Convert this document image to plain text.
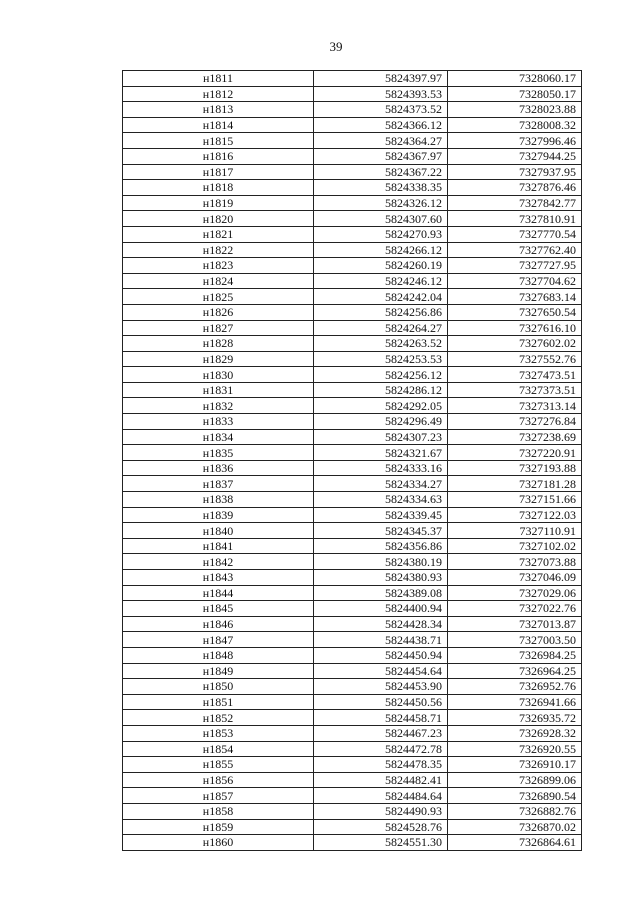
39
н1811	5824397.97	7328060.17
н1812	5824393.53	7328050.17
н1813	5824373.52	7328023.88
н1814	5824366.12	7328008.32
н1815	5824364.27	7327996.46
н1816	5824367.97	7327944.25
н1817	5824367.22	7327937.95
н1818	5824338.35	7327876.46
н1819	5824326.12	7327842.77
н1820	5824307.60	7327810.91
н1821	5824270.93	7327770.54
н1822	5824266.12	7327762.40
н1823	5824260.19	7327727.95
н1824	5824246.12	7327704.62
н1825	5824242.04	7327683.14
н1826	5824256.86	7327650.54
н1827	5824264.27	7327616.10
н1828	5824263.52	7327602.02
н1829	5824253.53	7327552.76
н1830	5824256.12	7327473.51
н1831	5824286.12	7327373.51
н1832	5824292.05	7327313.14
н1833	5824296.49	7327276.84
н1834	5824307.23	7327238.69
н1835	5824321.67	7327220.91
н1836	5824333.16	7327193.88
н1837	5824334.27	7327181.28
н1838	5824334.63	7327151.66
н1839	5824339.45	7327122.03
н1840	5824345.37	7327110.91
н1841	5824356.86	7327102.02
н1842	5824380.19	7327073.88
н1843	5824380.93	7327046.09
н1844	5824389.08	7327029.06
н1845	5824400.94	7327022.76
н1846	5824428.34	7327013.87
н1847	5824438.71	7327003.50
н1848	5824450.94	7326984.25
н1849	5824454.64	7326964.25
н1850	5824453.90	7326952.76
н1851	5824450.56	7326941.66
н1852	5824458.71	7326935.72
н1853	5824467.23	7326928.32
н1854	5824472.78	7326920.55
н1855	5824478.35	7326910.17
н1856	5824482.41	7326899.06
н1857	5824484.64	7326890.54
н1858	5824490.93	7326882.76
н1859	5824528.76	7326870.02
н1860	5824551.30	7326864.61
